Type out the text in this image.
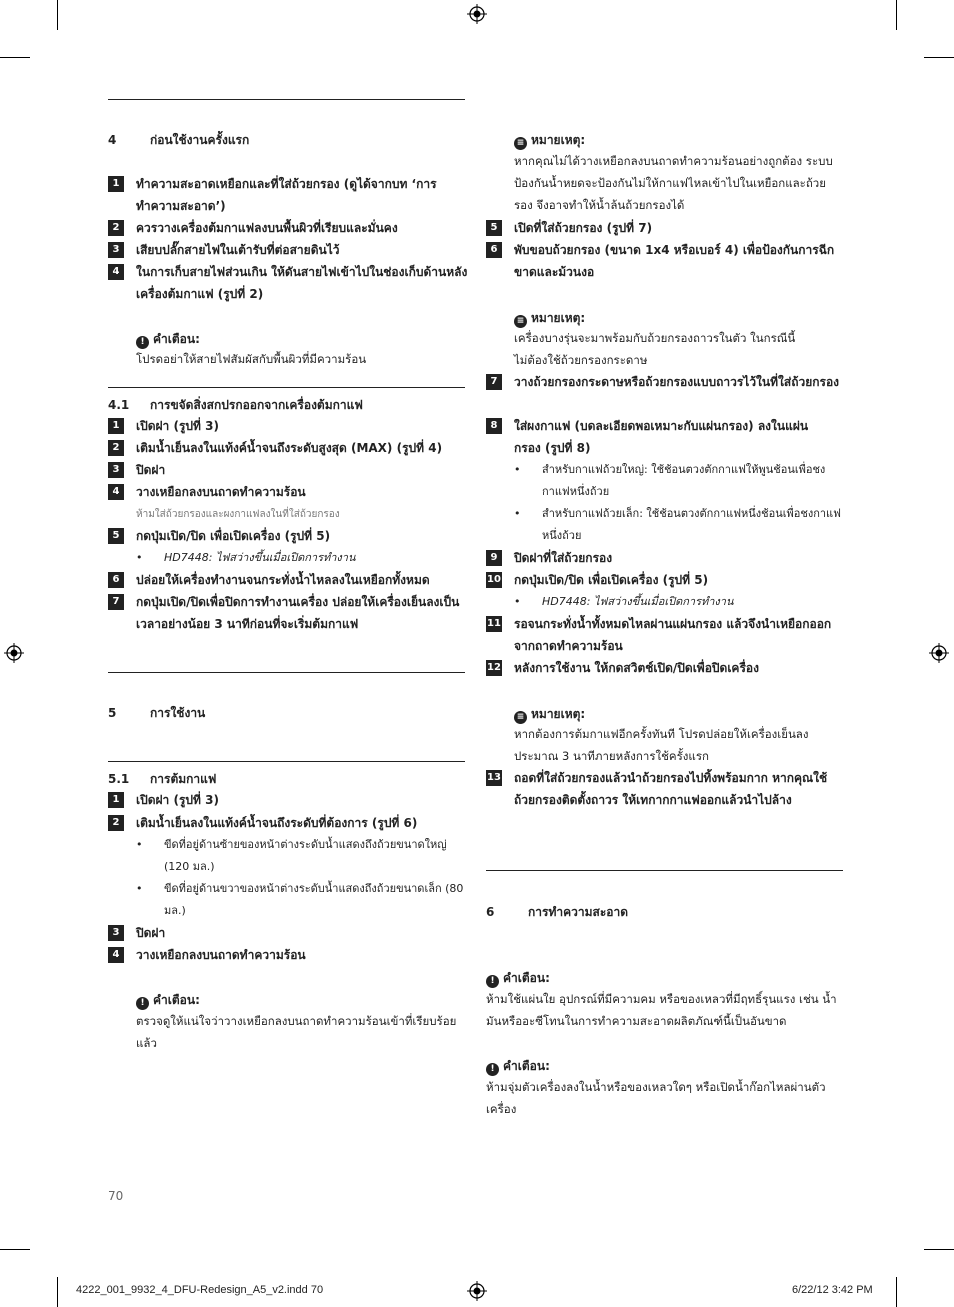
4	ก่อนใช้งานครั้งแรก
1	ทำความสะอาดเหยือกและที่ใส่ถ้วยกรอง (ดูได้จากบท ‘การทำความสะอาด’)
2	ควรวางเครื่องต้มกาแฟลงบนพื้นผิวที่เรียบและมั่นคง
3	เสียบปลั๊กสายไฟในเต้ารับที่ต่อสายดินไว้
4	ในการเก็บสายไฟส่วนเกิน ให้ดันสายไฟเข้าไปในช่องเก็บด้านหลังเครื่องต้มกาแฟ (รูปที่ 2)
! คำเตือน:
โปรดอย่าให้สายไฟสัมผัสกับพื้นผิวที่มีความร้อน
4.1 การขจัดสิ่งสกปรกออกจากเครื่องต้มกาแฟ
1	เปิดฝา (รูปที่ 3)
2	เติมน้ำเย็นลงในแท้งค์น้ำจนถึงระดับสูงสุด (MAX) (รูปที่ 4)
3	ปิดฝา
4	วางเหยือกลงบนถาดทำความร้อน
ห้ามใส่ถ้วยกรองและผงกาแฟลงในที่ใส่ถ้วยกรอง
5	กดปุ่มเปิด/ปิด เพื่อเปิดเครื่อง (รูปที่ 5)
• HD7448: ไฟสว่างขึ้นเมื่อเปิดการทำงาน
6	ปล่อยให้เครื่องทำงานจนกระทั่งน้ำไหลลงในเหยือกทั้งหมด
7	กดปุ่มเปิด/ปิดเพื่อปิดการทำงานเครื่อง ปล่อยให้เครื่องเย็นลงเป็นเวลาอย่างน้อย 3 นาทีก่อนที่จะเริ่มต้มกาแฟ
5	การใช้งาน
5.1 การต้มกาแฟ
1	เปิดฝา (รูปที่ 3)
2	เติมน้ำเย็นลงในแท้งค์น้ำจนถึงระดับที่ต้องการ (รูปที่ 6)
• ขีดที่อยู่ด้านซ้ายของหน้าต่างระดับน้ำแสดงถึงถ้วยขนาดใหญ่ (120 มล.)
• ขีดที่อยู่ด้านขวาของหน้าต่างระดับน้ำแสดงถึงถ้วยขนาดเล็ก (80 มล.)
3	ปิดฝา
4	วางเหยือกลงบนถาดทำความร้อน
! คำเตือน:
ตรวจดูให้แน่ใจว่าวางเหยือกลงบนถาดทำความร้อนเข้าที่เรียบร้อยแล้ว
70
≡ หมายเหตุ:
หากคุณไม่ได้วางเหยือกลงบนถาดทำความร้อนอย่างถูกต้อง ระบบป้องกันน้ำหยดจะป้องกันไม่ให้กาแฟไหลเข้าไปในเหยือกและถ้วยรอง จึงอาจทำให้น้ำล้นถ้วยกรองได้
5	เปิดที่ใส่ถ้วยกรอง (รูปที่ 7)
6	พับขอบถ้วยกรอง (ขนาด 1x4 หรือเบอร์ 4) เพื่อป้องกันการฉีกขาดและม้วนงอ
≡ หมายเหตุ:
เครื่องบางรุ่นจะมาพร้อมกับถ้วยกรองถาวรในตัว ในกรณีนี้ไม่ต้องใช้ถ้วยกรองกระดาษ
7	วางถ้วยกรองกระดาษหรือถ้วยกรองแบบถาวรไว้ในที่ใส่ถ้วยกรอง
8	ใส่ผงกาแฟ (บดละเอียดพอเหมาะกับแผ่นกรอง) ลงในแผ่นกรอง (รูปที่ 8)
• สำหรับกาแฟถ้วยใหญ่: ใช้ช้อนตวงตักกาแฟให้พูนช้อนเพื่อชงกาแฟหนึ่งถ้วย
• สำหรับกาแฟถ้วยเล็ก: ใช้ช้อนตวงตักกาแฟหนึ่งช้อนเพื่อชงกาแฟหนึ่งถ้วย
9	ปิดฝาที่ใส่ถ้วยกรอง
10 กดปุ่มเปิด/ปิด เพื่อเปิดเครื่อง (รูปที่ 5)
• HD7448: ไฟสว่างขึ้นเมื่อเปิดการทำงาน
11 รอจนกระทั่งน้ำทั้งหมดไหลผ่านแผ่นกรอง แล้วจึงนำเหยือกออกจากถาดทำความร้อน
12 หลังการใช้งาน ให้กดสวิตช์เปิด/ปิดเพื่อปิดเครื่อง
≡ หมายเหตุ:
หากต้องการต้มกาแฟอีกครั้งทันที โปรดปล่อยให้เครื่องเย็นลงประมาณ 3 นาทีภายหลังการใช้ครั้งแรก
13 ถอดที่ใส่ถ้วยกรองแล้วนำถ้วยกรองไปทิ้งพร้อมกาก หากคุณใช้ถ้วยกรองติดตั้งถาวร ให้เทกากกาแฟออกแล้วนำไปล้าง
6	การทำความสะอาด
! คำเตือน:
ห้ามใช้แผ่นใย อุปกรณ์ที่มีความคม หรือของเหลวที่มีฤทธิ์รุนแรง เช่น น้ำมันหรืออะซีโทนในการทำความสะอาดผลิตภัณฑ์นี้เป็นอันขาด
! คำเตือน:
ห้ามจุ่มตัวเครื่องลงในน้ำหรือของเหลวใดๆ หรือเปิดน้ำก๊อกไหลผ่านตัวเครื่อง
4222_001_9932_4_DFU-Redesign_A5_v2.indd 70	6/22/12 3:42 PM
